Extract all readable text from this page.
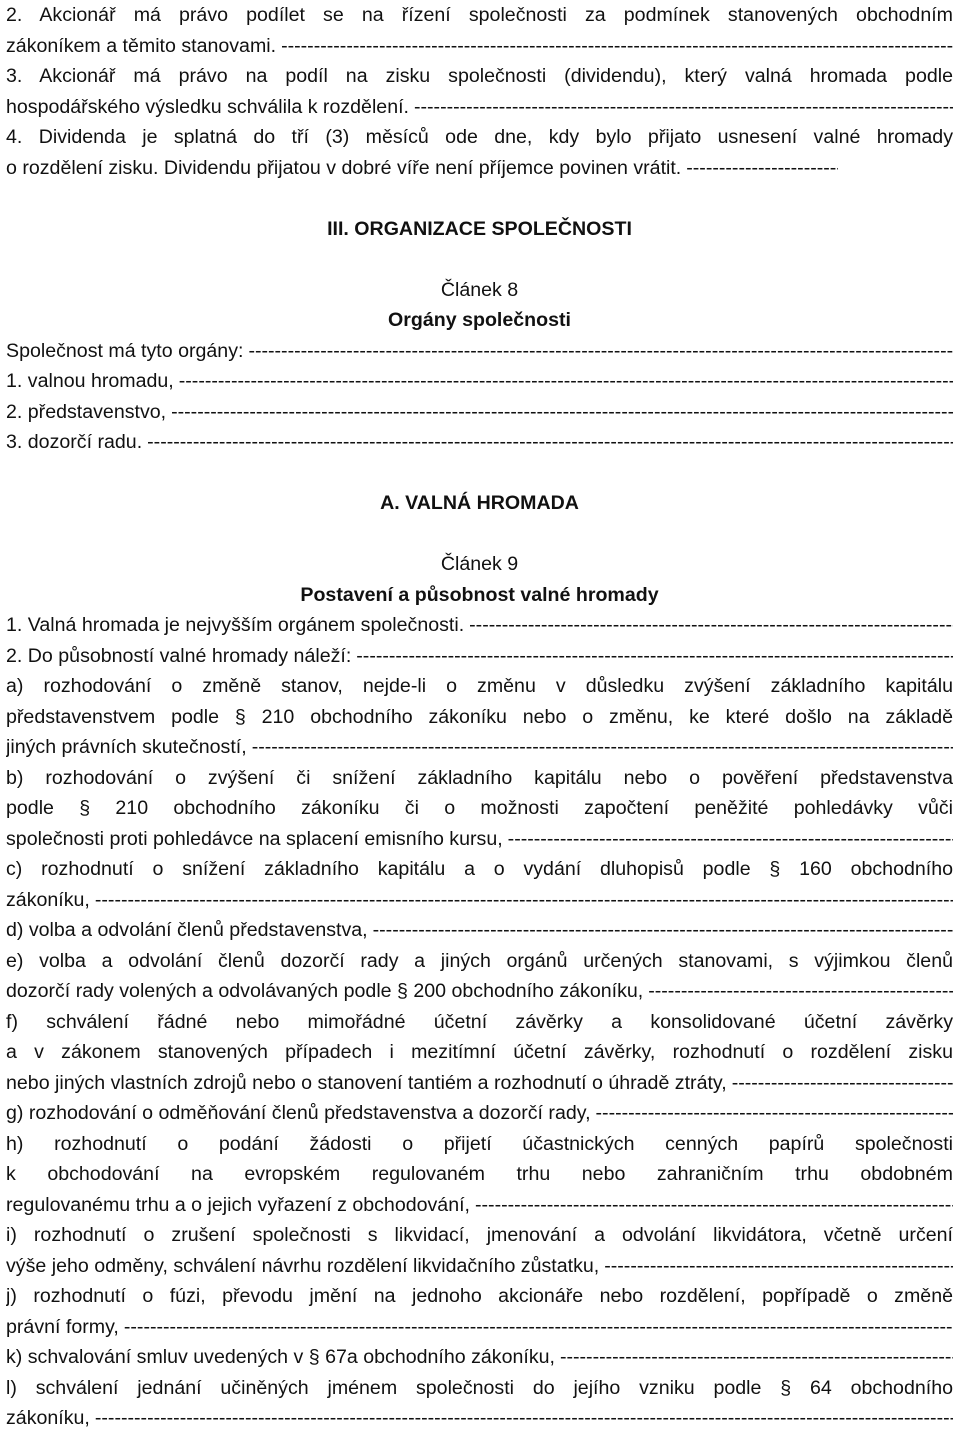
2. Akcionář má právo podílet se na řízení společnosti za podmínek stanovených obchodním
zákoníkem a těmito stanovami.
-----
3. Akcionář má právo na podíl na zisku společnosti (dividendu), který valná hromada podle
hospodářského výsledku schválila k rozdělení.
-----
4. Dividenda je splatná do tří (3) měsíců ode dne, kdy bylo přijato usnesení valné hromady
o rozdělení zisku. Dividendu přijatou v dobré víře není příjemce povinen vrátit.
-----
III. ORGANIZACE SPOLEČNOSTI
Článek 8
Orgány společnosti
Společnost má tyto orgány:
-----
1. valnou hromadu,
-----
2. představenstvo,
-----
3. dozorčí radu.
-----
A. VALNÁ HROMADA
Článek 9
Postavení a působnost valné hromady
1. Valná hromada je nejvyšším orgánem společnosti.
-----
2. Do působností valné hromady náleží:
-----
a) rozhodování o změně stanov, nejde-li o změnu v důsledku zvýšení základního kapitálu
představenstvem podle § 210 obchodního zákoníku nebo o změnu, ke které došlo na základě
jiných právních skutečností,
-----
b) rozhodování o zvýšení či snížení základního kapitálu nebo o pověření představenstva
podle § 210 obchodního zákoníku či o možnosti započtení peněžité pohledávky vůči
společnosti proti pohledávce na splacení emisního kursu,
-----
c) rozhodnutí o snížení základního kapitálu a o vydání dluhopisů podle § 160 obchodního
zákoníku,
-----
d) volba a odvolání členů představenstva,
-----
e) volba a odvolání členů dozorčí rady a jiných orgánů určených stanovami, s výjimkou členů
dozorčí rady volených a odvolávaných podle § 200 obchodního zákoníku,
-----
f) schválení řádné nebo mimořádné účetní závěrky a konsolidované účetní závěrky
a v zákonem stanovených případech i mezitímní účetní závěrky, rozhodnutí o rozdělení zisku
nebo jiných vlastních zdrojů nebo o stanovení tantiém a rozhodnutí o úhradě ztráty,
-----
g) rozhodování o odměňování členů představenstva a dozorčí rady,
-----
h) rozhodnutí o podání žádosti o přijetí účastnických cenných papírů společnosti
k obchodování na evropském regulovaném trhu nebo zahraničním trhu obdobném
regulovanému trhu a o jejich vyřazení z obchodování,
-----
i) rozhodnutí o zrušení společnosti s likvidací, jmenování a odvolání likvidátora, včetně určení
výše jeho odměny, schválení návrhu rozdělení likvidačního zůstatku,
-----
j) rozhodnutí o fúzi, převodu jmění na jednoho akcionáře nebo rozdělení, popřípadě o změně
právní formy,
-----
k) schvalování smluv uvedených v § 67a obchodního zákoníku,
-----
l) schválení jednání učiněných jménem společnosti do jejího vzniku podle § 64 obchodního
zákoníku,
-----
